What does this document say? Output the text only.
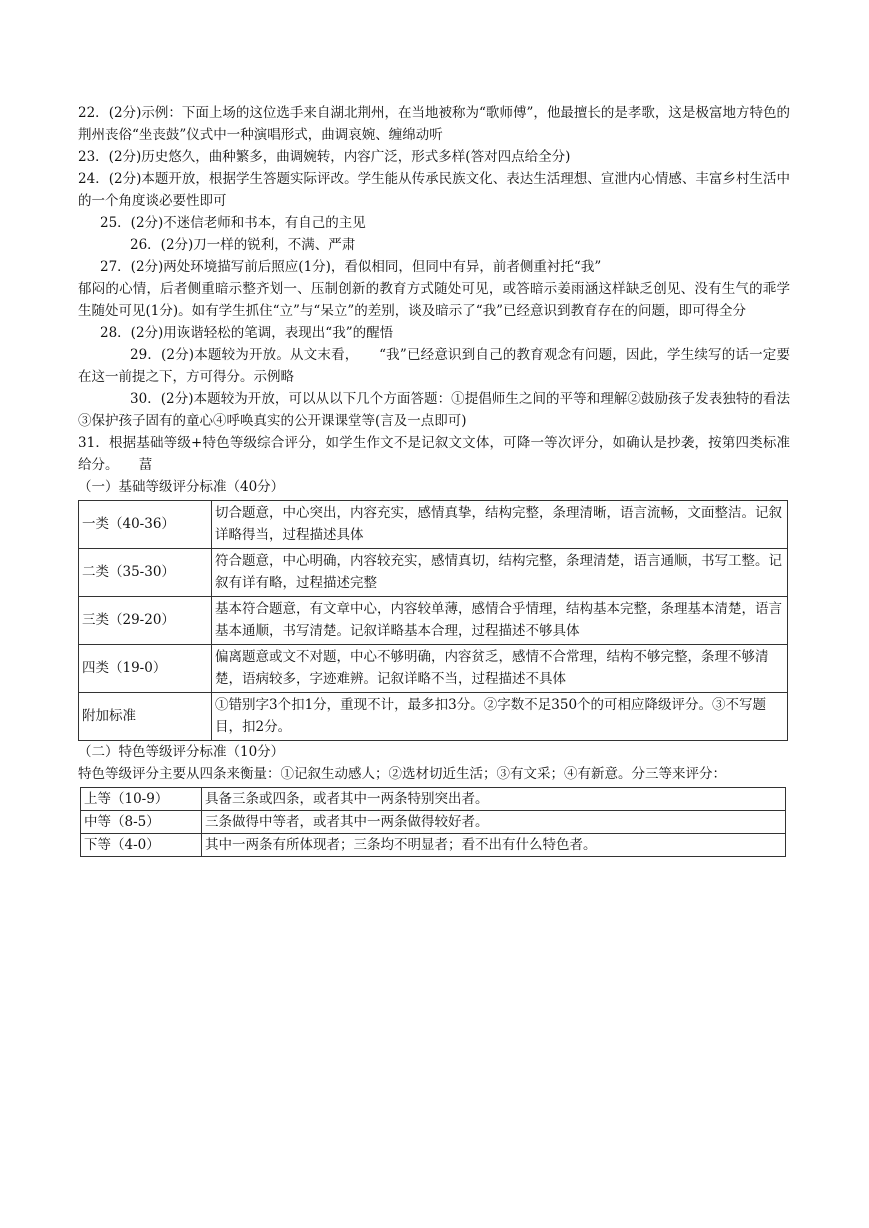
22．(2分)示例：下面上场的这位选手来自湖北荆州，在当地被称为“歌师傅”，他最擅长的是孝歌，这是极富地方特色的荆州丧俗“坐丧鼓”仪式中一种演唱形式，曲调哀婉、缠绵动听

23．(2分)历史悠久，曲种繁多，曲调婉转，内容广泛，形式多样(答对四点给全分)

24．(2分)本题开放，根据学生答题实际评改。学生能从传承民族文化、表达生活理想、宣泄内心情感、丰富乡村生活中的一个角度谈必要性即可

25．(2分)不迷信老师和书本，有自己的主见

26．(2分)刀一样的锐利，不满、严肃

27．(2分)两处环境描写前后照应(1分)，看似相同，但同中有异，前者侧重衬托“我”

郁闷的心情，后者侧重暗示整齐划一、压制创新的教育方式随处可见，或答暗示姜雨涵这样缺乏创见、没有生气的乖学生随处可见(1分)。如有学生抓住“立”与“呆立”的差别，谈及暗示了“我”已经意识到教育存在的问题，即可得全分

28．(2分)用诙谐轻松的笔调，表现出“我”的醒悟

29．(2分)本题较为开放。从文末看，　　“我”已经意识到自己的教育观念有问题，因此，学生续写的话一定要在这一前提之下，方可得分。示例略

30．(2分)本题较为开放，可以从以下几个方面答题：①提倡师生之间的平等和理解②鼓励孩子发表独特的看法③保护孩子固有的童心④呼唤真实的公开课课堂等(言及一点即可)

31．根据基础等级+特色等级综合评分，如学生作文不是记叙文文体，可降一等次评分，如确认是抄袭，按第四类标准给分。　　葍

（一）基础等级评分标准（40分）

一类（40-36）	切合题意，中心突出，内容充实，感情真挚，结构完整，条理清晰，语言流畅，文面整洁。记叙详略得当，过程描述具体
二类（35-30）	符合题意，中心明确，内容较充实，感情真切，结构完整，条理清楚，语言通顺，书写工整。记叙有详有略，过程描述完整
三类（29-20）	基本符合题意，有文章中心，内容较单薄，感情合乎情理，结构基本完整，条理基本清楚，语言基本通顺，书写清楚。记叙详略基本合理，过程描述不够具体
四类（19-0）	偏离题意或文不对题，中心不够明确，内容贫乏，感情不合常理，结构不够完整，条理不够清楚，语病较多，字迹难辨。记叙详略不当，过程描述不具体
附加标准	①错别字3个扣1分，重现不计，最多扣3分。②字数不足350个的可相应降级评分。③不写题目，扣2分。

（二）特色等级评分标准（10分）

特色等级评分主要从四条来衡量：①记叙生动感人；②选材切近生活；③有文采；④有新意。分三等来评分：

上等（10-9）	具备三条或四条，或者其中一两条特别突出者。
中等（8-5）	三条做得中等者，或者其中一两条做得较好者。
下等（4-0）	其中一两条有所体现者；三条均不明显者；看不出有什么特色者。
